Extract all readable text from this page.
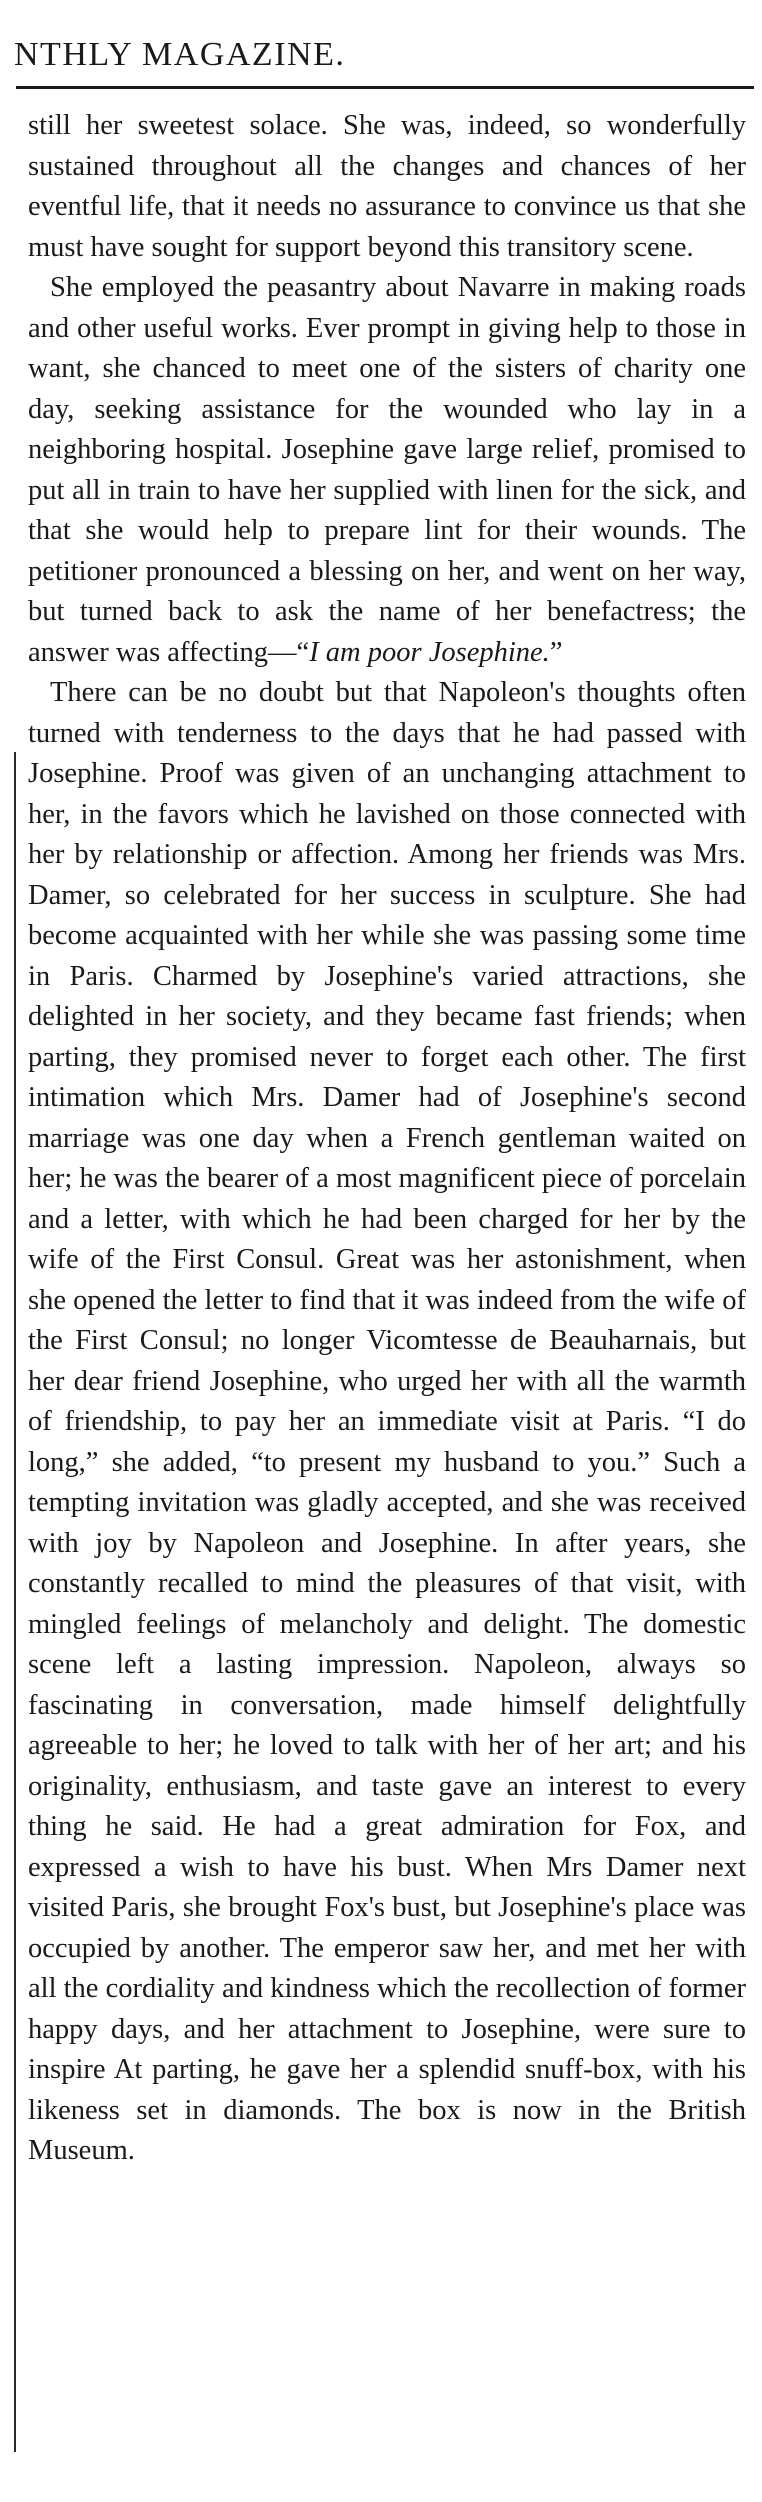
NTHLY MAGAZINE.

still her sweetest solace. She was, indeed, so wonderfully sustained throughout all the changes and chances of her eventful life, that it needs no assurance to convince us that she must have sought for support beyond this transitory scene.

She employed the peasantry about Navarre in making roads and other useful works. Ever prompt in giving help to those in want, she chanced to meet one of the sisters of charity one day, seeking assistance for the wounded who lay in a neighboring hospital. Josephine gave large relief, promised to put all in train to have her supplied with linen for the sick, and that she would help to prepare lint for their wounds. The petitioner pronounced a blessing on her, and went on her way, but turned back to ask the name of her benefactress; the answer was affecting—“I am poor Josephine.”

There can be no doubt but that Napoleon's thoughts often turned with tenderness to the days that he had passed with Josephine. Proof was given of an unchanging attachment to her, in the favors which he lavished on those connected with her by relationship or affection. Among her friends was Mrs. Damer, so celebrated for her success in sculpture. She had become acquainted with her while she was passing some time in Paris. Charmed by Josephine's varied attractions, she delighted in her society, and they became fast friends; when parting, they promised never to forget each other. The first intimation which Mrs. Damer had of Josephine's second marriage was one day when a French gentleman waited on her; he was the bearer of a most magnificent piece of porcelain and a letter, with which he had been charged for her by the wife of the First Consul. Great was her astonishment, when she opened the letter to find that it was indeed from the wife of the First Consul; no longer Vicomtesse de Beauharnais, but her dear friend Josephine, who urged her with all the warmth of friendship, to pay her an immediate visit at Paris. “I do long,” she added, “to present my husband to you.” Such a tempting invitation was gladly accepted, and she was received with joy by Napoleon and Josephine. In after years, she constantly recalled to mind the pleasures of that visit, with mingled feelings of melancholy and delight. The domestic scene left a lasting impression. Napoleon, always so fascinating in conversation, made himself delightfully agreeable to her; he loved to talk with her of her art; and his originality, enthusiasm, and taste gave an interest to every thing he said. He had a great admiration for Fox, and expressed a wish to have his bust. When Mrs Damer next visited Paris, she brought Fox's bust, but Josephine's place was occupied by another. The emperor saw her, and met her with all the cordiality and kindness which the recollection of former happy days, and her attachment to Josephine, were sure to inspire At parting, he gave her a splendid snuff-box, with his likeness set in diamonds. The box is now in the British Museum.
